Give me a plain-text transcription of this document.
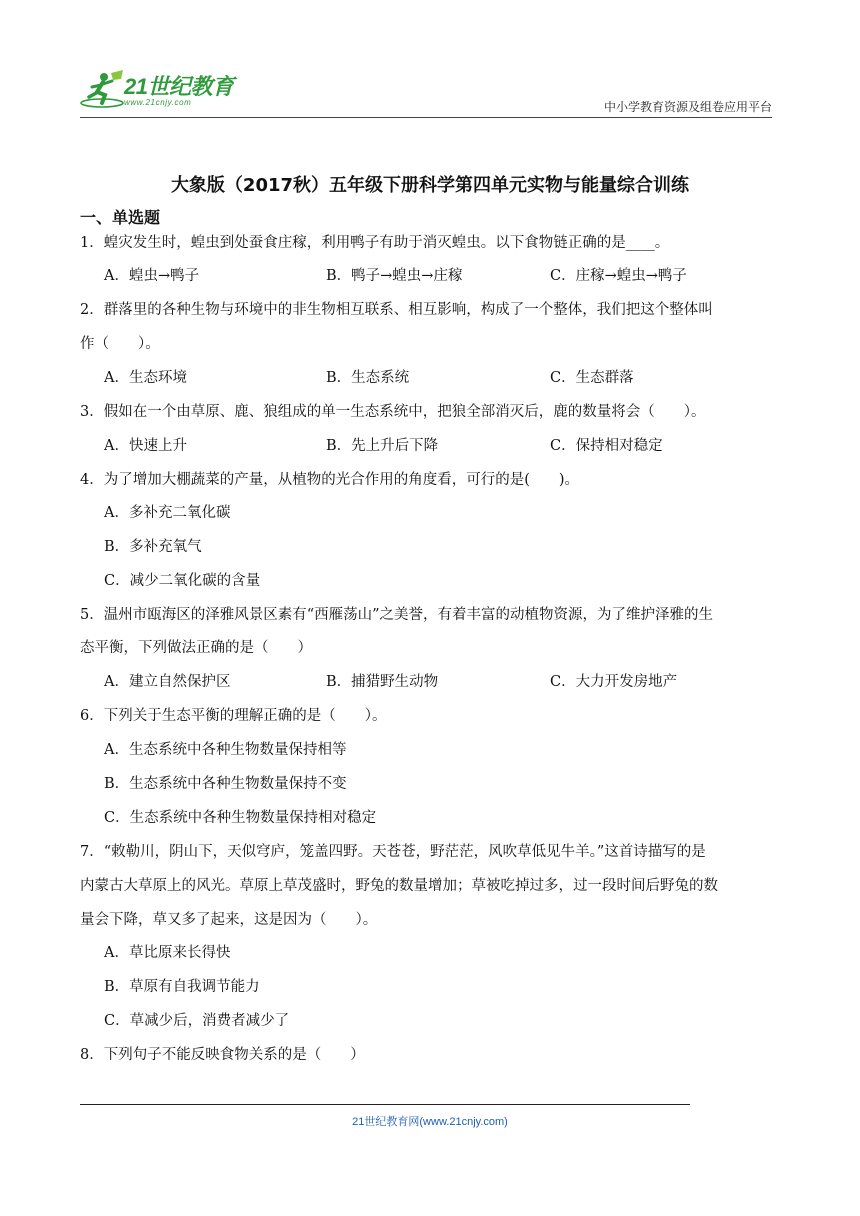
21世纪教育
www.21cnjy.com	中小学教育资源及组卷应用平台
大象版（2017秋）五年级下册科学第四单元实物与能量综合训练
一、单选题
1．蝗灾发生时，蝗虫到处蚕食庄稼，利用鸭子有助于消灭蝗虫。以下食物链正确的是____。
A．蝗虫→鸭子	B．鸭子→蝗虫→庄稼	C．庄稼→蝗虫→鸭子
2．群落里的各种生物与环境中的非生物相互联系、相互影响，构成了一个整体，我们把这个整体叫
作（　　）。
A．生态环境	B．生态系统	C．生态群落
3．假如在一个由草原、鹿、狼组成的单一生态系统中，把狼全部消灭后，鹿的数量将会（　　）。
A．快速上升	B．先上升后下降	C．保持相对稳定
4．为了增加大棚蔬菜的产量，从植物的光合作用的角度看，可行的是(　　)。
A．多补充二氧化碳
B．多补充氧气
C．减少二氧化碳的含量
5．温州市瓯海区的泽雅风景区素有“西雁荡山”之美誉，有着丰富的动植物资源，为了维护泽雅的生
态平衡，下列做法正确的是（　　）
A．建立自然保护区	B．捕猎野生动物	C．大力开发房地产
6．下列关于生态平衡的理解正确的是（　　）。
A．生态系统中各种生物数量保持相等
B．生态系统中各种生物数量保持不变
C．生态系统中各种生物数量保持相对稳定
7．“敕勒川，阴山下，天似穹庐，笼盖四野。天苍苍，野茫茫，风吹草低见牛羊。”这首诗描写的是
内蒙古大草原上的风光。草原上草茂盛时，野兔的数量增加；草被吃掉过多，过一段时间后野兔的数
量会下降，草又多了起来，这是因为（　　）。
A．草比原来长得快
B．草原有自我调节能力
C．草减少后，消费者减少了
8．下列句子不能反映食物关系的是（　　）
21世纪教育网(www.21cnjy.com)
